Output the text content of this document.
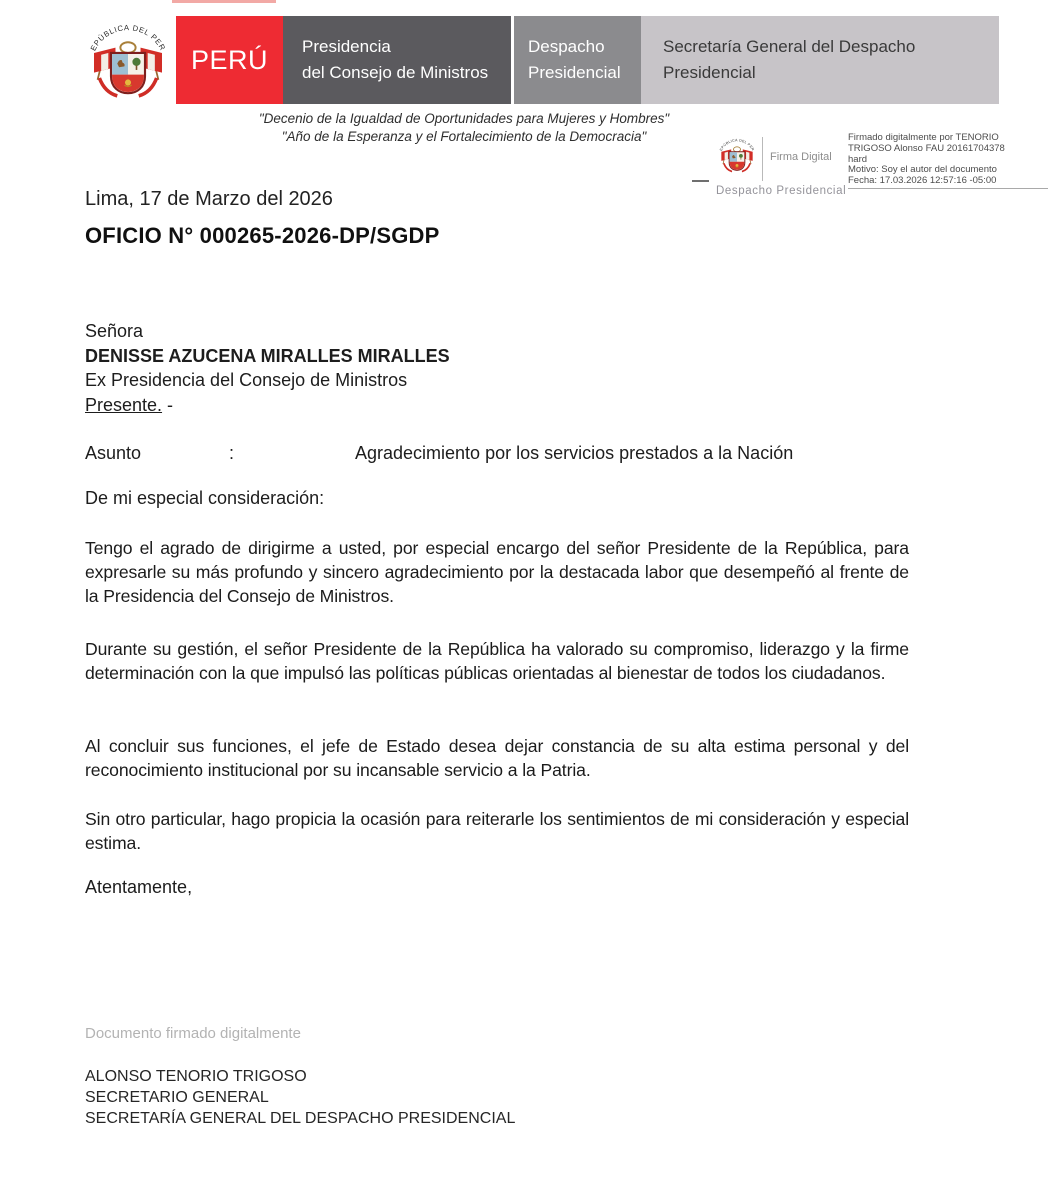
PERÚ Presidencia
del Consejo de Ministros
Despacho
Presidencial
Secretaría General del Despacho
Presidencial
"Decenio de la Igualdad de Oportunidades para Mujeres y Hombres"
"Año de la Esperanza y el Fortalecimiento de la Democracia"
Firma Digital
Despacho Presidencial
Firmado digitalmente por TENORIO
TRIGOSO Alonso FAU 20161704378
hard
Motivo: Soy el autor del documento
Fecha: 17.03.2026 12:57:16 -05:00
Lima, 17 de Marzo del 2026
OFICIO N° 000265-2026-DP/SGDP
Señora
DENISSE AZUCENA MIRALLES MIRALLES
Ex Presidencia del Consejo de Ministros
Presente. -
Asunto	:	Agradecimiento por los servicios prestados a la Nación
De mi especial consideración:

Tengo el agrado de dirigirme a usted, por especial encargo del señor Presidente de la República, para expresarle su más profundo y sincero agradecimiento por la destacada labor que desempeñó al frente de la Presidencia del Consejo de Ministros.

Durante su gestión, el señor Presidente de la República ha valorado su compromiso, liderazgo y la firme determinación con la que impulsó las políticas públicas orientadas al bienestar de todos los ciudadanos.

Al concluir sus funciones, el jefe de Estado desea dejar constancia de su alta estima personal y del reconocimiento institucional por su incansable servicio a la Patria.

Sin otro particular, hago propicia la ocasión para reiterarle los sentimientos de mi consideración y especial estima.

Atentamente,
Documento firmado digitalmente
ALONSO TENORIO TRIGOSO
SECRETARIO GENERAL
SECRETARÍA GENERAL DEL DESPACHO PRESIDENCIAL
